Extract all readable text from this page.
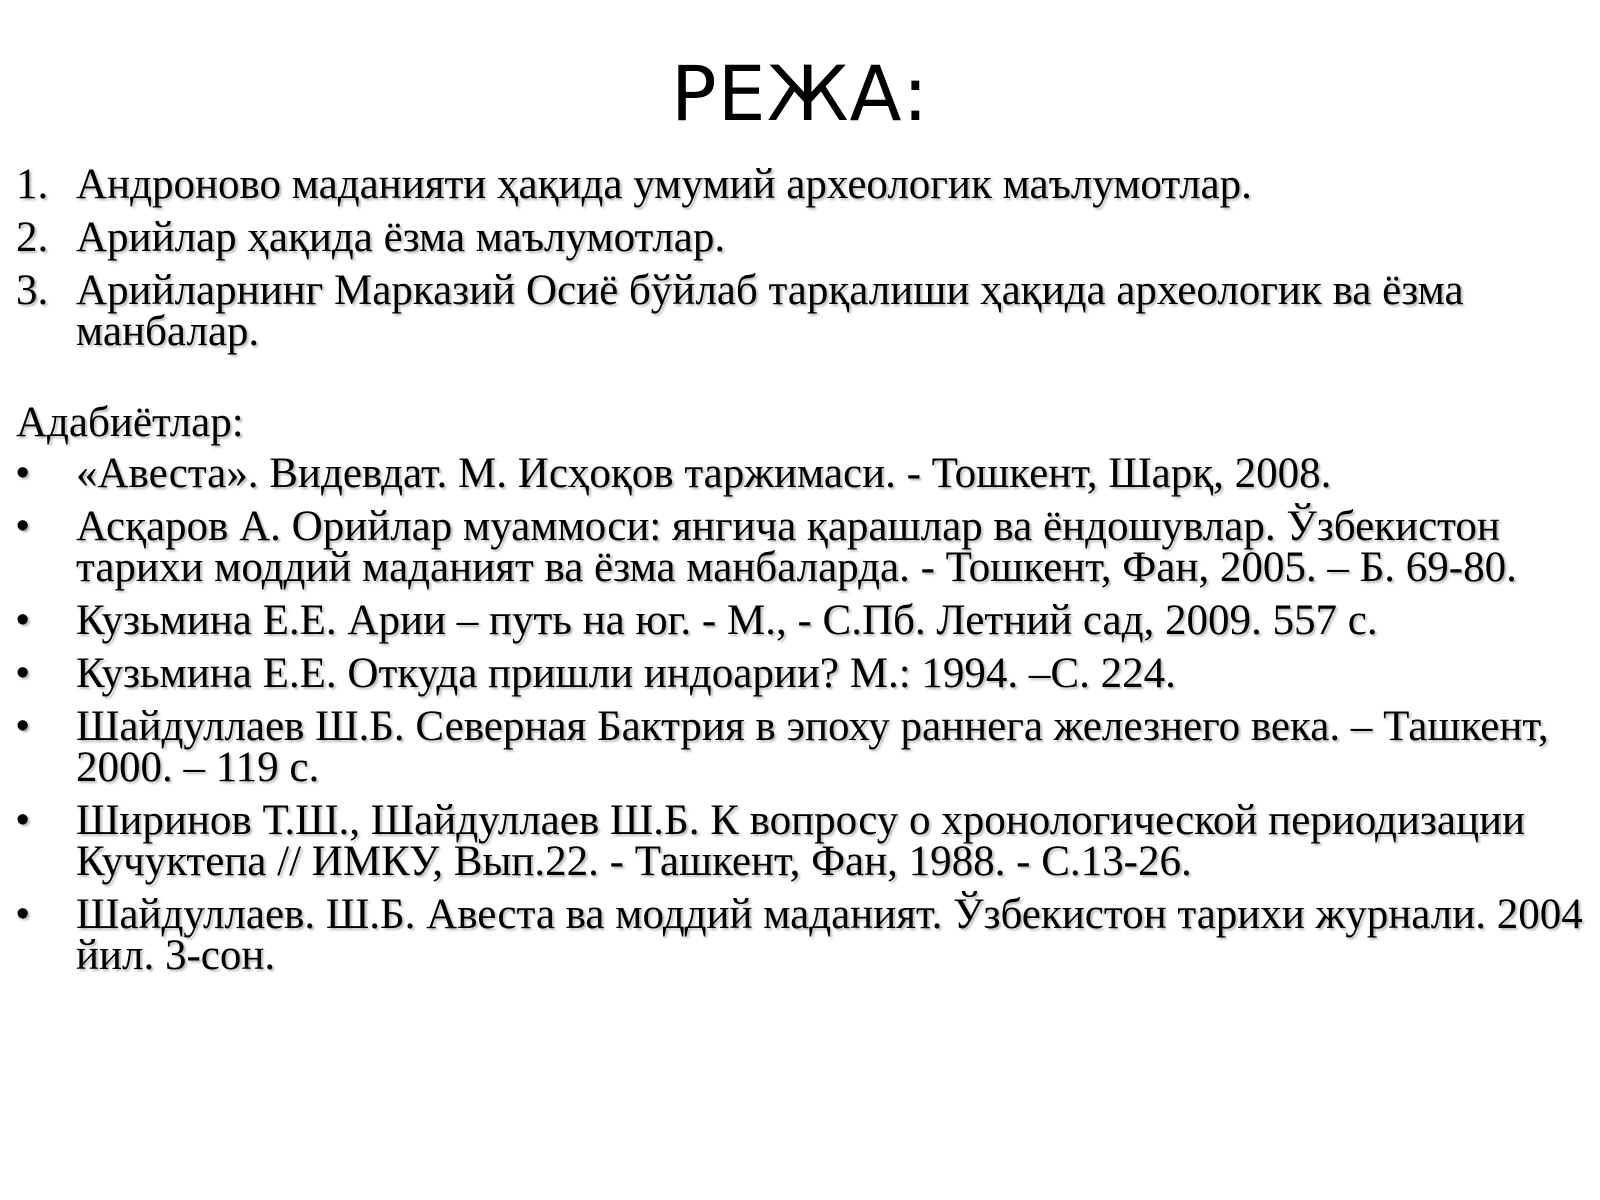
РЕЖА:
1. Андроново маданияти ҳақида умумий археологик маълумотлар.
2. Арийлар ҳақида ёзма маълумотлар.
3. Арийларнинг Марказий Осиё бўйлаб тарқалиши ҳақида археологик ва ёзма манбалар.
Адабиётлар:
• «Авеста». Видевдат. М. Исҳоқов таржимаси. - Тошкент, Шарқ, 2008.
• Асқаров А. Орийлар муаммоси: янгича қарашлар ва ёндошувлар. Ўзбекистон тарихи моддий маданият ва ёзма манбаларда. - Тошкент, Фан, 2005. – Б. 69-80.
• Кузьмина Е.Е. Арии – путь на юг. - М., - С.Пб. Летний сад, 2009. 557 с.
• Кузьмина Е.Е. Откуда пришли индоарии? М.: 1994. –С. 224.
• Шайдуллаев Ш.Б. Северная Бактрия в эпоху раннега железнего века. – Ташкент, 2000. – 119 с.
• Ширинов Т.Ш., Шайдуллаев Ш.Б. К вопросу о хронологической периодизации Кучуктепа // ИМКУ, Вып.22. - Ташкент, Фан, 1988. - С.13-26.
• Шайдуллаев. Ш.Б. Авеста ва моддий маданият. Ўзбекистон тарихи журнали. 2004 йил. 3-сон.
